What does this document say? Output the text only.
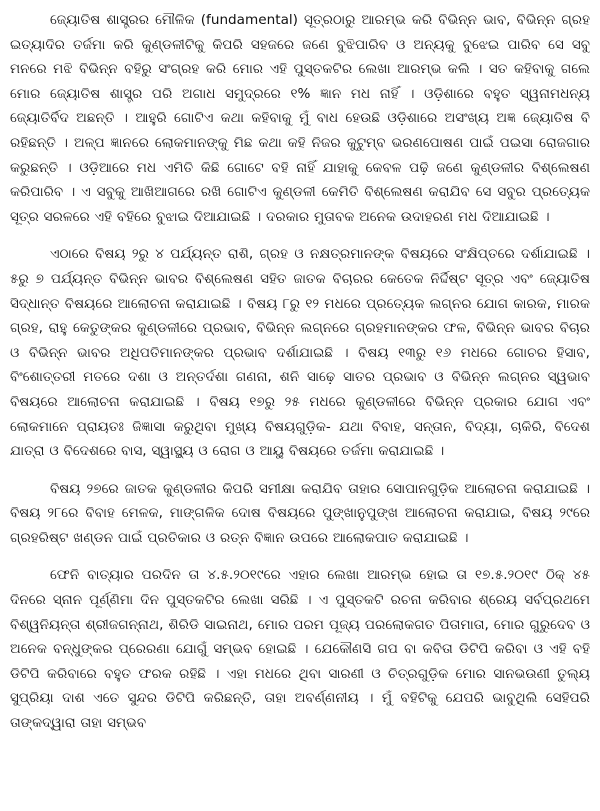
ଜ୍ୟୋତିଷ ଶାସ୍ତ୍ରର ମୌଳିକ (fundamental) ସୂତ୍ରଠାରୁ ଆରମ୍ଭ କରି ବିଭିନ୍ନ ଭାବ, ବିଭିନ୍ନ ଗ୍ରହ ଇତ୍ୟାଦିର ତର୍ଜମା କରି କୁଣ୍ଡଳୀଟିକୁ କିପରି ସହଜରେ ଜଣେ ବୁଝିପାରିବ ଓ ଅନ୍ୟକୁ ବୁଝେଇ ପାରିବ ସେ ସବୁ ମନରେ ମଝି ବିଭିନ୍ନ ବହିରୁ ସଂଗ୍ରହ କରି ମୋର ଏହି ପୁସ୍ତକଟିର ଲେଖା ଆରମ୍ଭ କଲି । ସତ କହିବାକୁ ଗଲେ ମୋର ଜ୍ୟୋତିଷ ଶାସ୍ତ୍ର ପରି ଅଗାଧ ସମୁଦ୍ରରେ ୧% ଜ୍ଞାନ ମଧ ନାହିଁ । ଓଡ଼ିଶାରେ ବହୁତ ସ୍ୱନାମଧନ୍ୟ ଜ୍ୟୋତିର୍ବିଦ ଅଛନ୍ତି । ଆହୁରି ଗୋଟିଏ କଥା କହିବାକୁ ମୁଁ ବାଧ ହେଉଛି ଓଡ଼ିଶାରେ ଅସଂଖ୍ୟ ଅଜ୍ଞ ଜ୍ୟୋତିଷ ବି ରହିଛନ୍ତି । ଅଳ୍ପ ଜ୍ଞାନରେ ଲୋକମାନଙ୍କୁ ମିଛ କଥା କହି ନିଜର କୁଟୁମ୍ବ ଭରଣପୋଷଣ ପାଇଁ ପଇସା ରୋଜଗାର କରୁଛନ୍ତି । ଓଡ଼ିଆରେ ମଧ ଏମିତି କିଛି ଗୋଟେ ବହି ନାହିଁ ଯାହାକୁ କେବଳ ପଢ଼ି ଜଣେ କୁଣ୍ଡଳୀର ବିଶ୍ଲେଷଣ କରିପାରିବ । ଏ ସବୁକୁ ଆଖିଆଗରେ ରଖି ଗୋଟିଏ କୁଣ୍ଡଳୀ କେମିତି ବିଶ୍ଲେଷଣ କରାଯିବ ସେ ସବୁର ପ୍ରତ୍ୟେକ ସୂତ୍ର ସରଳରେ ଏହି ବହିରେ ବୁଝାଇ ଦିଆଯାଇଛି । ଦରକାର ମୁତାବକ ଅନେକ ଉଦାହରଣ ମଧ ଦିଆଯାଇଛି ।

ଏଠାରେ ବିଷୟ ୨ରୁ ୪ ପର୍ଯ୍ୟନ୍ତ ରାଶି, ଗ୍ରହ ଓ ନକ୍ଷତ୍ରମାନଙ୍କ ବିଷୟରେ ସଂକ୍ଷିପ୍ତରେ ଦର୍ଶାଯାଇଛି । ୫ରୁ ୭ ପର୍ଯ୍ୟନ୍ତ ବିଭିନ୍ନ ଭାବର ବିଶ୍ଲେଷଣ ସହିତ ଜାତକ ବିଚାରର କେତେକ ନିର୍ଦ୍ଦିଷ୍ଟ ସୂତ୍ର ଏବଂ ଜ୍ୟୋତିଷ ସିଦ୍ଧାନ୍ତ ବିଷୟରେ ଆଲୋଚନା କରାଯାଇଛି । ବିଷୟ ୮ରୁ ୧୨ ମଧରେ ପ୍ରତ୍ୟେକ ଲଗ୍ନର ଯୋଗ କାରକ, ମାରକ ଗ୍ରହ, ରାହୁ କେତୁଙ୍କର କୁଣ୍ଡଳୀରେ ପ୍ରଭାବ, ବିଭିନ୍ନ ଲଗ୍ନରେ ଗ୍ରହମାନଙ୍କର ଫଳ, ବିଭିନ୍ନ ଭାବର ବିଚାର ଓ ବିଭିନ୍ନ ଭାବର ଅଧିପତିମାନଙ୍କର ପ୍ରଭାବ ଦର୍ଶାଯାଇଛି । ବିଷୟ ୧୩ରୁ ୧୬ ମଧରେ ଗୋଚର ହିସାବ, ବିଂଶୋତ୍ତରୀ ମତରେ ଦଶା ଓ ଅନ୍ତର୍ଦଶା ଗଣନା, ଶନି ସାଢ଼େ ସାତର ପ୍ରଭାବ ଓ ବିଭିନ୍ନ ଲଗ୍ନର ସ୍ୱଭାବ ବିଷୟରେ ଆଲୋଚନା କରାଯାଇଛି । ବିଷୟ ୧୭ରୁ ୨୫ ମଧରେ କୁଣ୍ଡଳୀରେ ବିଭିନ୍ନ ପ୍ରକାର ଯୋଗ ଏବଂ ଲୋକମାନେ ପ୍ରାୟତଃ ଜିଜ୍ଞାସା କରୁଥିବା ମୁଖ୍ୟ ବିଷୟଗୁଡ଼ିକ- ଯଥା ବିବାହ, ସନ୍ତାନ, ବିଦ୍ୟା, ଚାକିରି, ବିଦେଶ ଯାତ୍ରା ଓ ବିଦେଶରେ ବାସ, ସ୍ୱାସ୍ଥ୍ୟ ଓ ରୋଗ ଓ ଆୟୁ ବିଷୟରେ ତର୍ଜମା କରାଯାଇଛି ।

ବିଷୟ ୨୭ରେ ଜାତକ କୁଣ୍ଡଳୀର କିପରି ସମୀକ୍ଷା କରାଯିବ ତାହାର ସୋପାନଗୁଡ଼ିକ ଆଲୋଚନା କରାଯାଇଛି । ବିଷୟ ୨୮ରେ ବିବାହ ମେଳକ, ମାଙ୍ଗଳିକ ଦୋଷ ବିଷୟରେ ପୁଙ୍ଖାନୁପୁଙ୍ଖ ଆଲୋଚନା କରାଯାଇ, ବିଷୟ ୨୯ରେ ଗ୍ରହରିଷ୍ଟ ଖଣ୍ଡନ ପାଇଁ ପ୍ରତିକାର ଓ ରତ୍ନ ବିଜ୍ଞାନ ଉପରେ ଆଲୋକପାତ କରାଯାଇଛି ।

ଫେନି ବାତ୍ୟାର ପରଦିନ ତା ୪.୫.୨୦୧୯ରେ ଏହାର ଲେଖା ଆରମ୍ଭ ହୋଇ ତା ୧୭.୫.୨୦୧୯ ଠିକ୍ ୪୫ ଦିନରେ ସ୍ନାନ ପୂର୍ଣ୍ଣିମା ଦିନ ପୁସ୍ତକଟିର ଲେଖା ସରିଛି । ଏ ପୁସ୍ତକଟି ରଚନା କରିବାର ଶ୍ରେୟ ସର୍ବପ୍ରଥମେ ବିଶ୍ୱନିୟନ୍ତା ଶ୍ରୀଜଗନ୍ନାଥ, ଶିରିଡି ସାଇନାଥ, ମୋର ପରମ ପୂଜ୍ୟ ପରଲୋକଗତ ପିତାମାତା, ମୋର ଗୁରୁଦେବ ଓ ଅନେକ ବନ୍ଧୁଙ୍କର ପ୍ରେରଣା ଯୋଗୁଁ ସମ୍ଭବ ହୋଇଛି । ଯେକୌଣସି ଗପ ବା କବିତା ଡିଟିପି କରିବା ଓ ଏହି ବହି ଡିଟିପି କରିବାରେ ବହୁତ ଫରକ ରହିଛି । ଏହା ମଧରେ ଥିବା ସାରଣୀ ଓ ଚିତ୍ରଗୁଡ଼ିକ ମୋର ସାନଭଉଣୀ ତୁଲ୍ୟ ସୁପ୍ରିୟା ଦାଶ ଏତେ ସୁନ୍ଦର ଡିଟିପି କରିଛନ୍ତି, ତାହା ଅବର୍ଣ୍ଣନୀୟ । ମୁଁ ବହିଟିକୁ ଯେପରି ଭାବୁଥିଲି ସେହିପରି ତାଙ୍କଦ୍ୱାରା ତାହା ସମ୍ଭବ
